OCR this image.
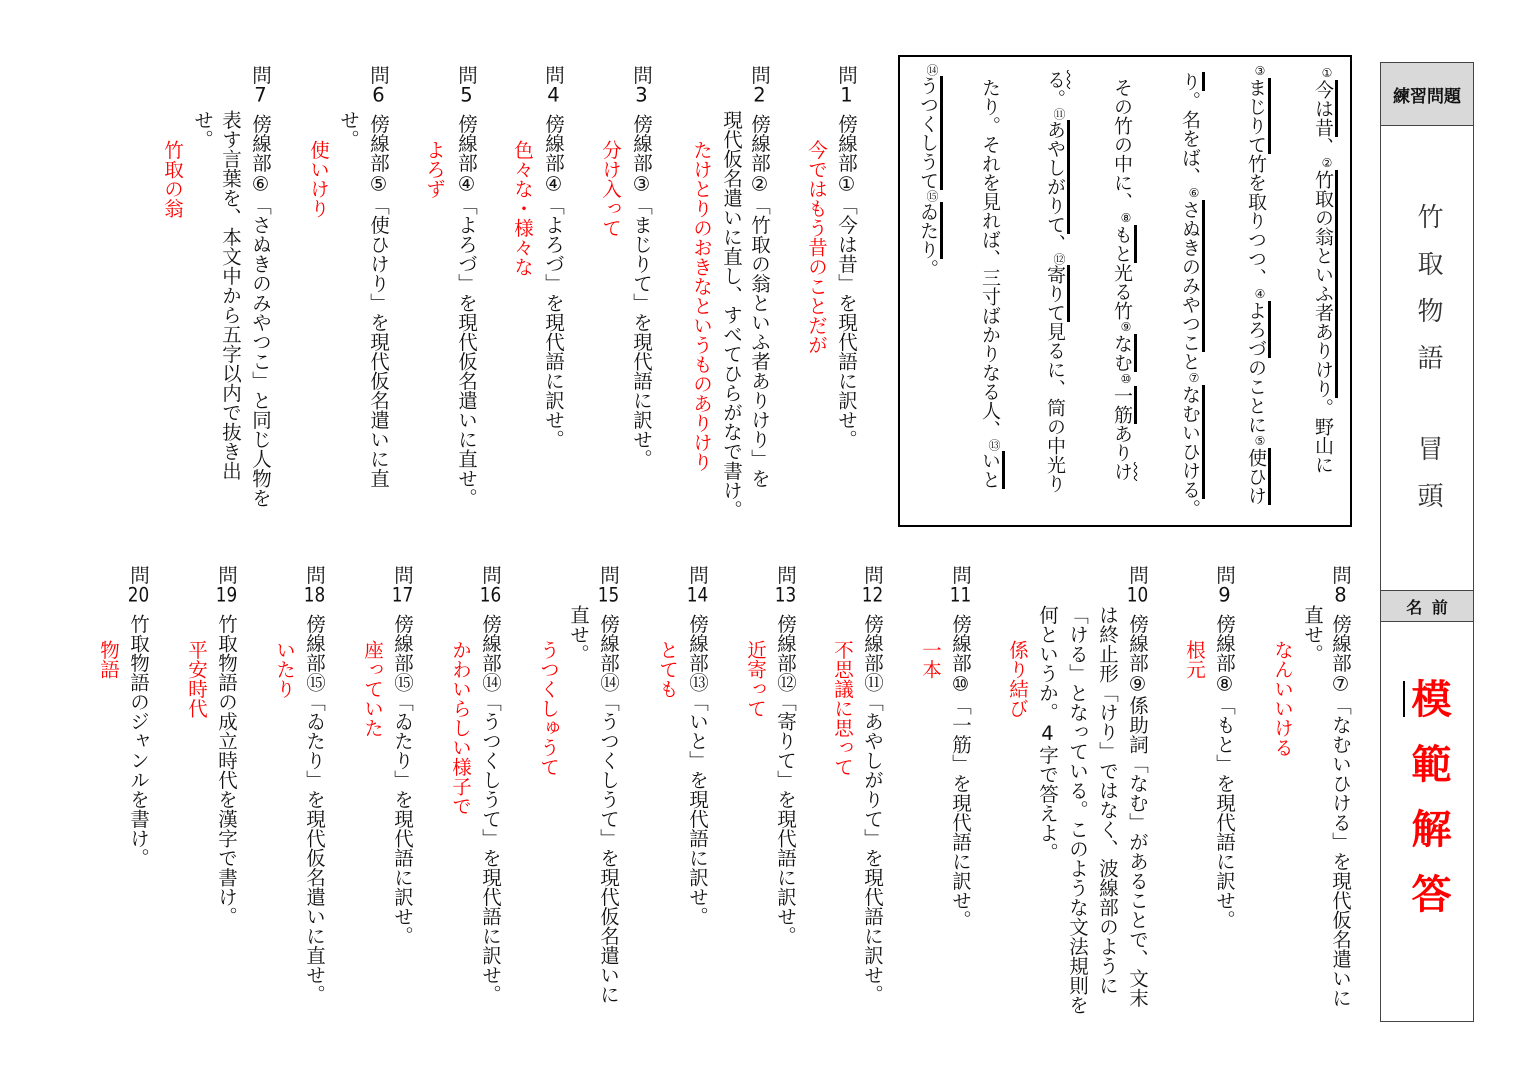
練習問題
竹取物語冒頭
名前
模範解答
①今は昔、②竹取の翁といふ者ありけり。野山に
③まじりて竹を取りつつ、④よろづのことに⑤使ひけ
り。名をば、⑥さぬきのみやつこと⑦なむいひける。
その竹の中に、⑧もと光る竹⑨なむ⑩一筋ありけ
る。⑪あやしがりて、⑫寄りて見るに、筒の中光り
たり。それを見れば、三寸ばかりなる人、⑬いと
⑭うつくしうて⑮ゐたり。
問1傍線部①「今は昔」を現代語に訳せ。
今ではもう昔のことだが
問2傍線部②「竹取の翁といふ者ありけり」を
現代仮名遣いに直し、すべてひらがなで書け。
たけとりのおきなというものありけり
問3傍線部③「まじりて」を現代語に訳せ。
分け入って
問4傍線部④「よろづ」を現代語に訳せ。
色々な・様々な
問5傍線部④「よろづ」を現代仮名遣いに直せ。
よろず
問6傍線部⑤「使ひけり」を現代仮名遣いに直
せ。
使いけり
問7傍線部⑥「さぬきのみやつこ」と同じ人物を
表す言葉を、本文中から五字以内で抜き出
せ。
竹取の翁
問8傍線部⑦「なむいひける」を現代仮名遣いに
直せ。
なんいいける
問9傍線部⑧「もと」を現代語に訳せ。
根元
問10傍線部⑨係助詞「なむ」があることで、文末
は終止形「けり」ではなく、波線部のように
「ける」となっている。このような文法規則を
何というか。4字で答えよ。
係り結び
問11傍線部⑩「一筋」を現代語に訳せ。
一本
問12傍線部⑪「あやしがりて」を現代語に訳せ。
不思議に思って
問13傍線部⑫「寄りて」を現代語に訳せ。
近寄って
問14傍線部⑬「いと」を現代語に訳せ。
とても
問15傍線部⑭「うつくしうて」を現代仮名遣いに
直せ。
うつくしゅうて
問16傍線部⑭「うつくしうて」を現代語に訳せ。
かわいらしい様子で
問17傍線部⑮「ゐたり」を現代語に訳せ。
座っていた
問18傍線部⑮「ゐたり」を現代仮名遣いに直せ。
いたり
問19竹取物語の成立時代を漢字で書け。
平安時代
問20竹取物語のジャンルを書け。
物語
